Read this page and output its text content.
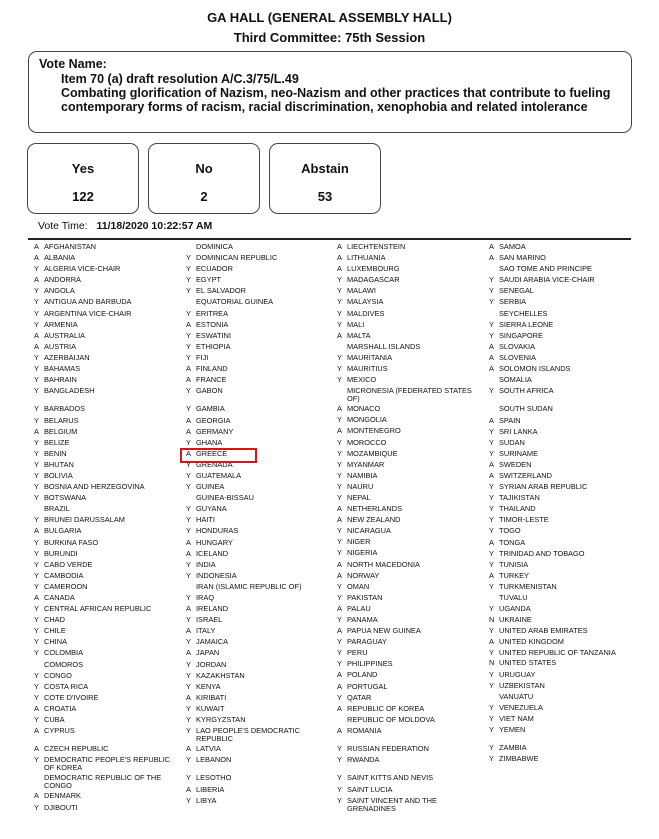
GA HALL (GENERAL ASSEMBLY HALL)
Third Committee: 75th Session
Vote Name:
Item 70 (a) draft resolution A/C.3/75/L.49
Combating glorification of Nazism, neo-Nazism and other practices that contribute to fueling contemporary forms of racism, racial discrimination, xenophobia and related intolerance
Yes
122
No
2
Abstain
53
Vote Time: 11/18/2020 10:22:57 AM
A AFGHANISTAN
A ALBANIA
Y ALGERIA VICE-CHAIR
A ANDORRA
Y ANGOLA
Y ANTIGUA AND BARBUDA
Y ARGENTINA VICE-CHAIR
Y ARMENIA
A AUSTRALIA
A AUSTRIA
Y AZERBAIJAN
Y BAHAMAS
Y BAHRAIN
Y BANGLADESH
Y BARBADOS
Y BELARUS
A BELGIUM
Y BELIZE
Y BENIN
Y BHUTAN
Y BOLIVIA
Y BOSNIA AND HERZEGOVINA
Y BOTSWANA
BRAZIL
Y BRUNEI DARUSSALAM
A BULGARIA
Y BURKINA FASO
Y BURUNDI
Y CABO VERDE
Y CAMBODIA
Y CAMEROON
A CANADA
Y CENTRAL AFRICAN REPUBLIC
Y CHAD
Y CHILE
Y CHINA
Y COLOMBIA
COMOROS
Y CONGO
Y COSTA RICA
Y COTE D'IVOIRE
A CROATIA
Y CUBA
A CYPRUS
A CZECH REPUBLIC
Y DEMOCRATIC PEOPLE'S REPUBLIC OF KOREA
DEMOCRATIC REPUBLIC OF THE CONGO
A DENMARK
Y DJIBOUTI
DOMINICA
Y DOMINICAN REPUBLIC
Y ECUADOR
Y EGYPT
Y EL SALVADOR
EQUATORIAL GUINEA
Y ERITREA
A ESTONIA
Y ESWATINI
Y ETHIOPIA
Y FIJI
A FINLAND
A FRANCE
Y GABON
Y GAMBIA
A GEORGIA
A GERMANY
Y GHANA
A GREECE
Y GRENADA
Y GUATEMALA
Y GUINEA
GUINEA-BISSAU
Y GUYANA
Y HAITI
Y HONDURAS
A HUNGARY
A ICELAND
Y INDIA
Y INDONESIA
IRAN (ISLAMIC REPUBLIC OF)
Y IRAQ
A IRELAND
Y ISRAEL
A ITALY
Y JAMAICA
A JAPAN
Y JORDAN
Y KAZAKHSTAN
Y KENYA
A KIRIBATI
Y KUWAIT
Y KYRGYZSTAN
Y LAO PEOPLE'S DEMOCRATIC REPUBLIC
A LATVIA
Y LEBANON
Y LESOTHO
A LIBERIA
Y LIBYA
A LIECHTENSTEIN
A LITHUANIA
A LUXEMBOURG
Y MADAGASCAR
Y MALAWI
Y MALAYSIA
Y MALDIVES
Y MALI
A MALTA
MARSHALL ISLANDS
Y MAURITANIA
Y MAURITIUS
Y MEXICO
MICRONESIA (FEDERATED STATES OF)
A MONACO
Y MONGOLIA
A MONTENEGRO
Y MOROCCO
Y MOZAMBIQUE
Y MYANMAR
Y NAMIBIA
Y NAURU
Y NEPAL
A NETHERLANDS
A NEW ZEALAND
Y NICARAGUA
Y NIGER
Y NIGERIA
A NORTH MACEDONIA
A NORWAY
Y OMAN
Y PAKISTAN
A PALAU
Y PANAMA
A PAPUA NEW GUINEA
Y PARAGUAY
Y PERU
Y PHILIPPINES
A POLAND
A PORTUGAL
Y QATAR
A REPUBLIC OF KOREA
REPUBLIC OF MOLDOVA
A ROMANIA
Y RUSSIAN FEDERATION
Y RWANDA
Y SAINT KITTS AND NEVIS
Y SAINT LUCIA
Y SAINT VINCENT AND THE GRENADINES
A SAMOA
A SAN MARINO
SAO TOME AND PRINCIPE
Y SAUDI ARABIA VICE-CHAIR
Y SENEGAL
Y SERBIA
SEYCHELLES
Y SIERRA LEONE
Y SINGAPORE
A SLOVAKIA
A SLOVENIA
A SOLOMON ISLANDS
SOMALIA
Y SOUTH AFRICA
SOUTH SUDAN
A SPAIN
Y SRI LANKA
Y SUDAN
Y SURINAME
A SWEDEN
A SWITZERLAND
Y SYRIAN ARAB REPUBLIC
Y TAJIKISTAN
Y THAILAND
Y TIMOR-LESTE
Y TOGO
A TONGA
Y TRINIDAD AND TOBAGO
Y TUNISIA
A TURKEY
Y TURKMENISTAN
TUVALU
Y UGANDA
N UKRAINE
Y UNITED ARAB EMIRATES
A UNITED KINGDOM
Y UNITED REPUBLIC OF TANZANIA
N UNITED STATES
Y URUGUAY
Y UZBEKISTAN
VANUATU
Y VENEZUELA
Y VIET NAM
Y YEMEN
Y ZAMBIA
Y ZIMBABWE
